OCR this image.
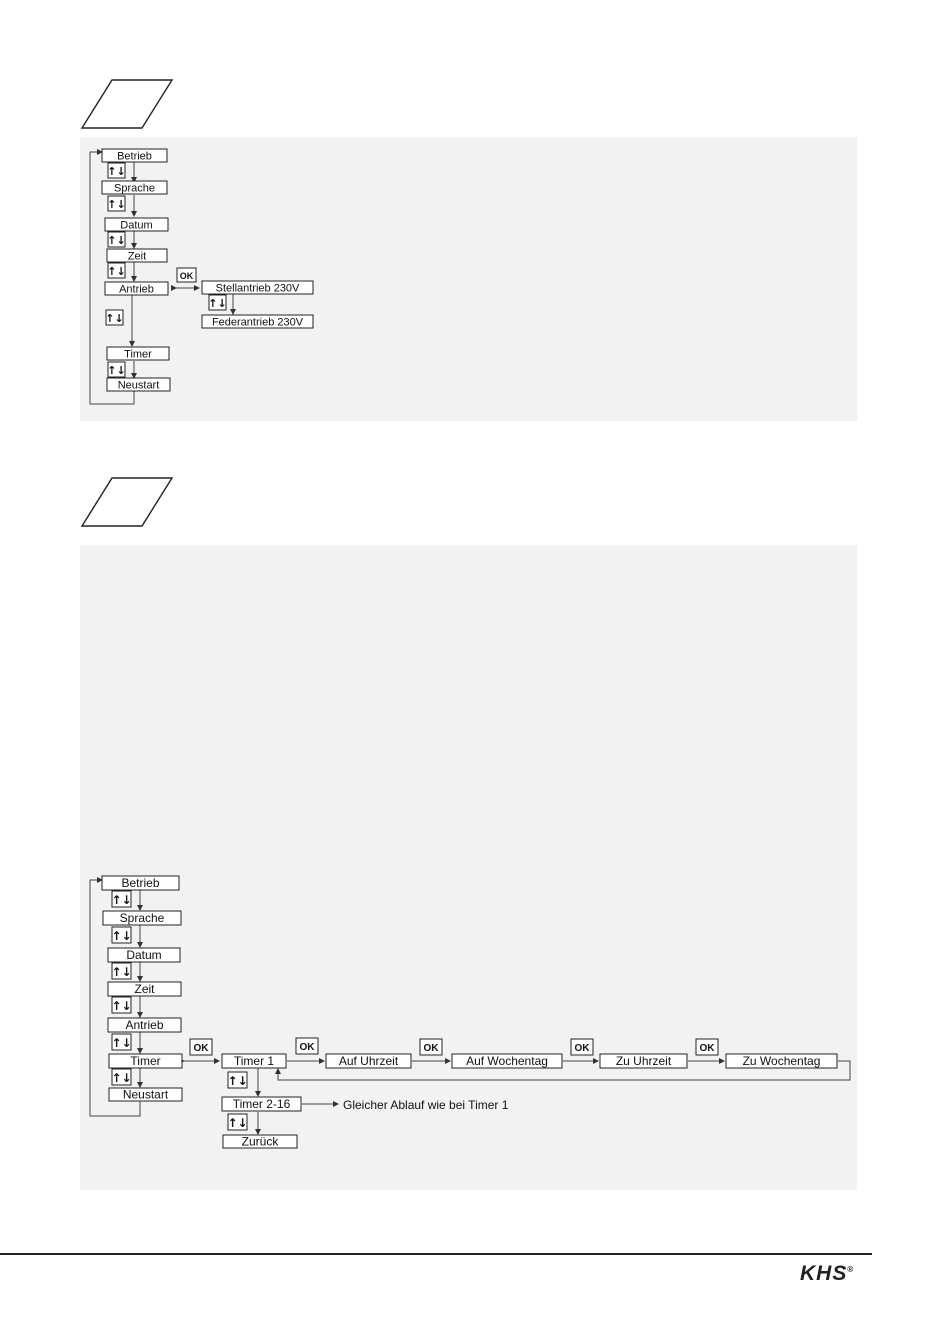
Betrieb
Sprache
Datum
Zeit
Antrieb
Timer
Neustart
Stellantrieb 230V
Federantrieb 230V
↑↓
↑↓
↑↓
↑↓
↑↓
↑↓
↑↓
OK
Betrieb
Sprache
Datum
Zeit
Antrieb
Timer
Neustart
Timer 1	Auf Uhrzeit	Auf Wochentag	Zu Uhrzeit	Zu Wochentag
Timer 2-16	Gleicher Ablauf wie bei Timer 1
Zurück
↑↓
↑↓
↑↓
↑↓
↑↓
↑↓	↑↓
↑↓
OK	OK	OK	OK	OK
KHS®
